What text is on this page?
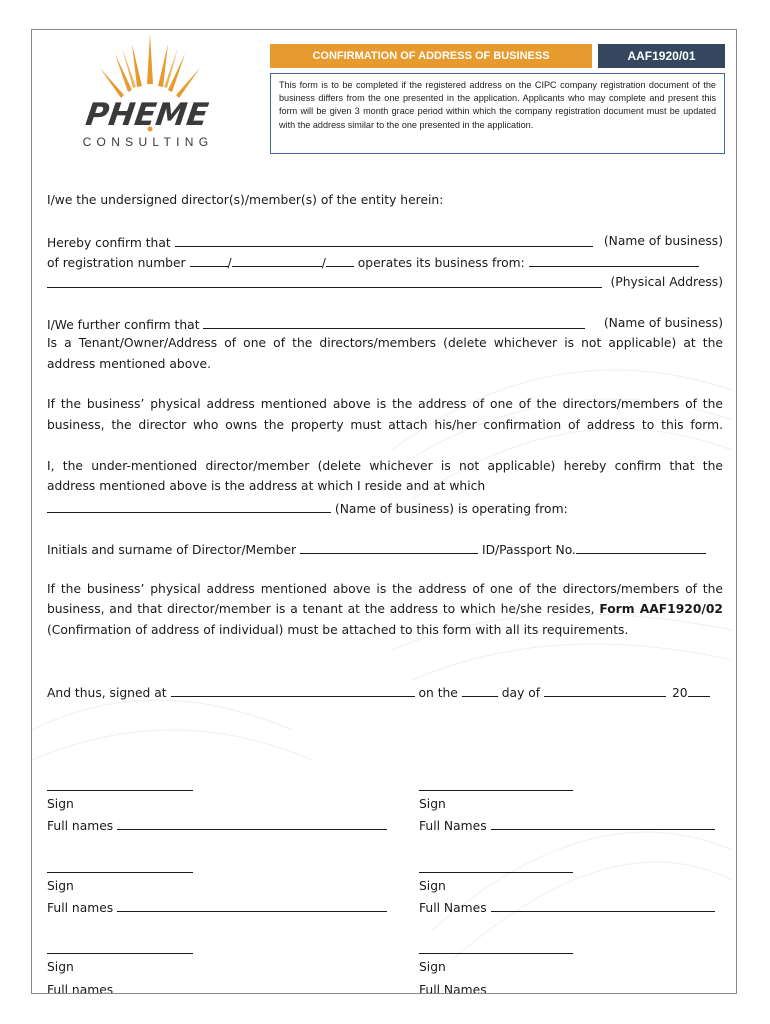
PHEME
CONSULTING
CONFIRMATION OF ADDRESS OF BUSINESS	AAF1920/01
This form is to be completed if the registered address on the CIPC company registration document of the business differs from the one presented in the application. Applicants who may complete and present this form will be given 3 month grace period within which the company registration document must be updated with the address similar to the one presented in the application.
I/we the undersigned director(s)/member(s) of the entity herein:
Hereby confirm that	(Name of business)
of registration number	/	/	operates its business from:
(Physical Address)
I/We further confirm that	(Name of business)
Is a Tenant/Owner/Address of one of the directors/members (delete whichever is not applicable) at the
address mentioned above.
If the business’ physical address mentioned above is the address of one of the directors/members of the
business, the director who owns the property must attach his/her confirmation of address to this form.
I, the under-mentioned director/member (delete whichever is not applicable) hereby confirm that the
address mentioned above is the address at which I reside and at which
(Name of business) is operating from:
Initials and surname of Director/Member	ID/Passport No.
If the business’ physical address mentioned above is the address of one of the directors/members of the
business, and that director/member is a tenant at the address to which he/she resides, Form AAF1920/02
(Confirmation of address of individual) must be attached to this form with all its requirements.
And thus, signed at	on the	day of	20
Sign	Sign
Full names	Full Names
Sign	Sign
Full names	Full Names
Sign	Sign
Full names	Full Names
